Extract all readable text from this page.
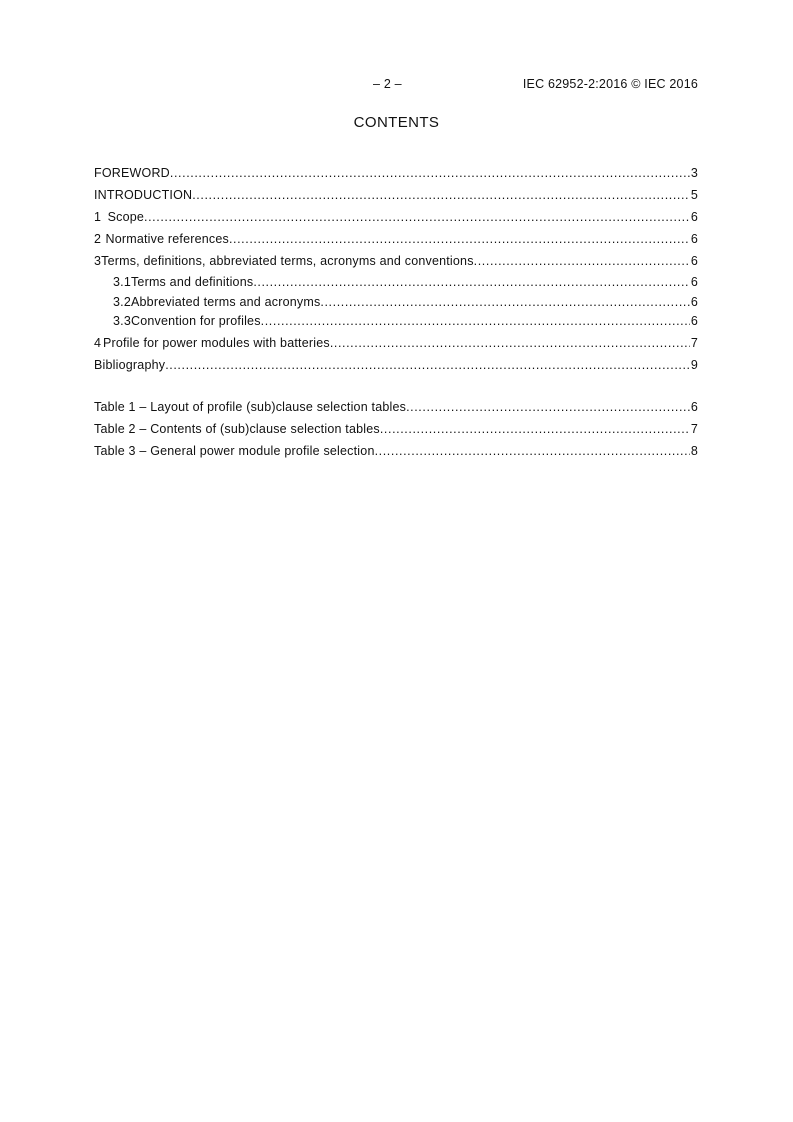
– 2 –	IEC 62952-2:2016 © IEC 2016
CONTENTS
FOREWORD .....	3
INTRODUCTION .....	5
1 Scope .....	6
2 Normative references .....	6
3 Terms, definitions, abbreviated terms, acronyms and conventions .....	6
3.1 Terms and definitions .....	6
3.2 Abbreviated terms and acronyms .....	6
3.3 Convention for profiles .....	6
4 Profile for power modules with batteries .....	7
Bibliography .....	9
Table 1 – Layout of profile (sub)clause selection tables .....	6
Table 2 – Contents of (sub)clause selection tables .....	7
Table 3 – General power module profile selection .....	8
